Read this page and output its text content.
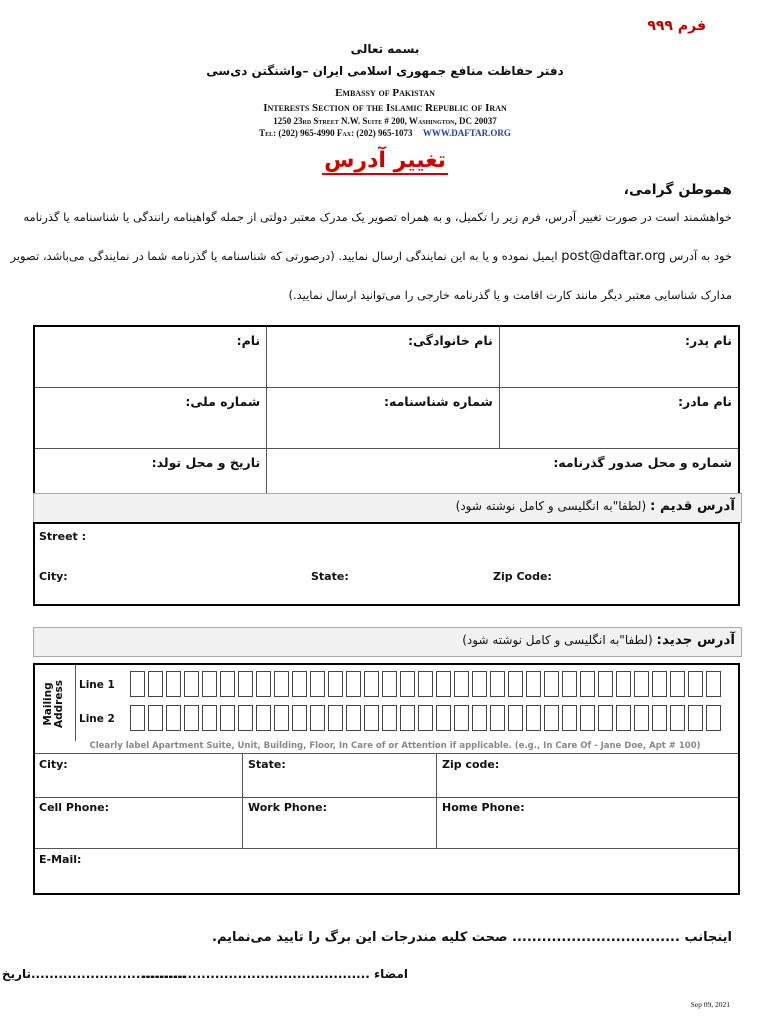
فرم ۹۹۹
بسمه تعالی
دفتر حفاظت منافع جمهوری اسلامی ایران –واشنگتن دی‌سی
Embassy of Pakistan
Interests Section of the Islamic Republic of Iran
1250 23rd Street N.W. Suite # 200, Washington, DC 20037
Tel: (202) 965-4990 Fax: (202) 965-1073 WWW.DAFTAR.ORG
تغییر آدرس
هموطن گرامی،
خواهشمند است در صورت تغییر آدرس، فرم زیر را تکمیل، و به همراه تصویر یک مدرک معتبر دولتی از جمله گواهینامه رانندگی یا شناسنامه یا گذرنامه
خود به آدرس post@daftar.org ایمیل نموده و یا به این نمایندگی ارسال نمایید. (درصورتی که شناسنامه یا گذرنامه شما در نمایندگی می‌باشد، تصویر
مدارک شناسایی معتبر دیگر مانند کارت اقامت و یا گذرنامه خارجی را می‌توانید ارسال نمایید.)
نام:	نام خانوادگی:	نام پدر:
شماره ملی:	شماره شناسنامه:	نام مادر:
تاریخ و محل تولد:	شماره و محل صدور گذرنامه:	
آدرس قدیم : (لطفا"به انگلیسی و کامل نوشته شود)
Street :
City:	State:	Zip Code:
آدرس جدید: (لطفا"به انگلیسی و کامل نوشته شود)
Mailing Address Line 1
Line 2
Clearly label Apartment Suite, Unit, Building, Floor, In Care of or Attention if applicable. (e.g., In Care Of - Jane Doe, Apt # 100)
City:	State:	Zip code:
Cell Phone:	Work Phone:	Home Phone:
E-Mail:
اینجانب .................................. صحت کلیه مندرجات این برگ را تایید می‌نمایم.
امضاء ..................................................
..................................تاریخ
Sep 09, 2021
